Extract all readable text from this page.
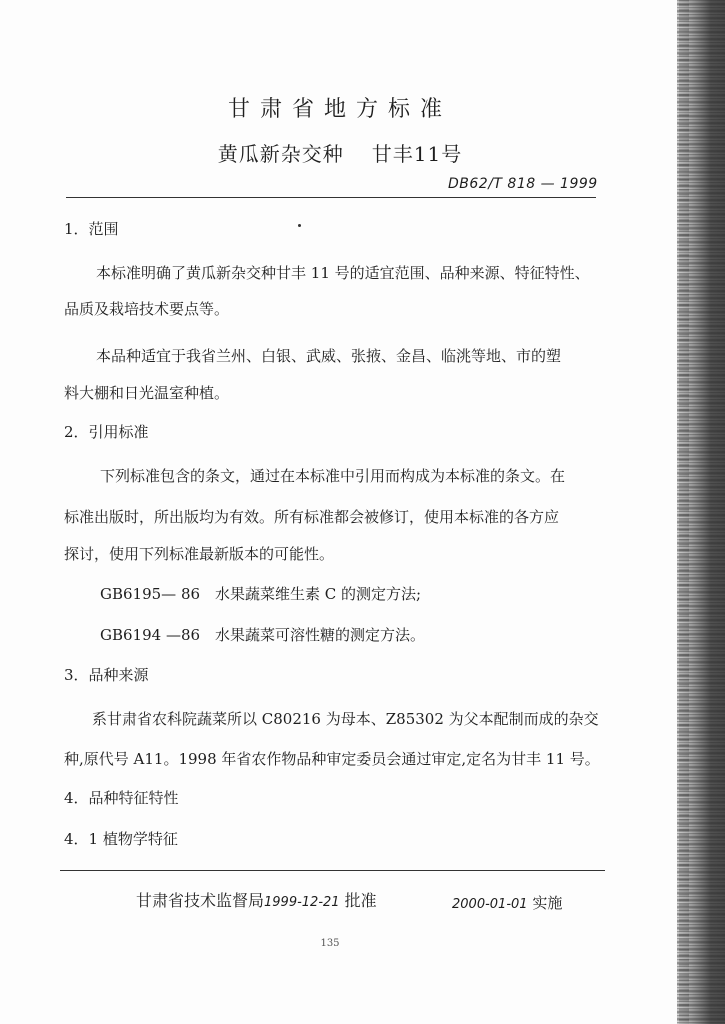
甘肃省地方标准
黄瓜新杂交种 甘丰11号
DB62/T 818 — 1999
1．范围
本标准明确了黄瓜新杂交种甘丰 11 号的适宜范围、品种来源、特征特性、
品质及栽培技术要点等。
本品种适宜于我省兰州、白银、武威、张掖、金昌、临洮等地、市的塑
料大棚和日光温室种植。
2．引用标准
下列标准包含的条文，通过在本标准中引用而构成为本标准的条文。在
标准出版时，所出版均为有效。所有标准都会被修订，使用本标准的各方应
探讨，使用下列标准最新版本的可能性。
GB6195— 86　水果蔬菜维生素 C 的测定方法;
GB6194 —86　水果蔬菜可溶性糖的测定方法。
3．品种来源
系甘肃省农科院蔬菜所以 C80216 为母本、Z85302 为父本配制而成的杂交
种,原代号 A11。1998 年省农作物品种审定委员会通过审定,定名为甘丰 11 号。
4．品种特征特性
4．1 植物学特征
甘肃省技术监督局1999-12-21 批准	2000-01-01 实施
135
